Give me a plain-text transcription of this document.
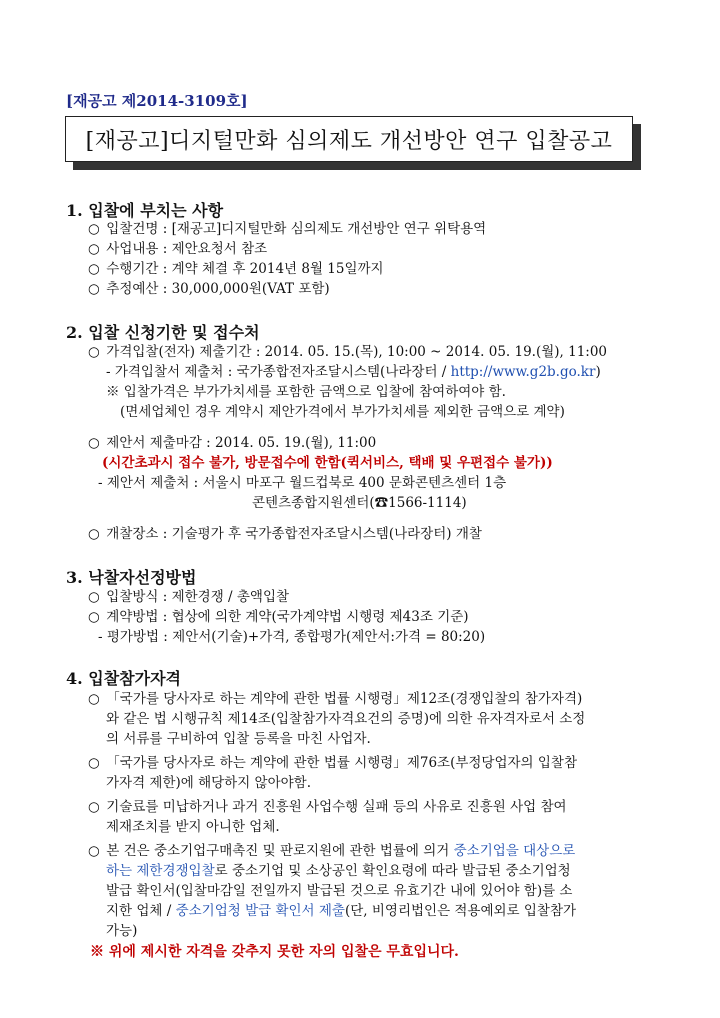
[재공고 제2014-3109호]
[재공고]디지털만화 심의제도 개선방안 연구 입찰공고
1. 입찰에 부치는 사항
○ 입찰건명 : [재공고]디지털만화 심의제도 개선방안 연구 위탁용역
○ 사업내용 : 제안요청서 참조
○ 수행기간 : 계약 체결 후 2014년 8월 15일까지
○ 추정예산 : 30,000,000원(VAT 포함)
2. 입찰 신청기한 및 접수처
○ 가격입찰(전자) 제출기간 : 2014. 05. 15.(목), 10:00 ~ 2014. 05. 19.(월), 11:00
- 가격입찰서 제출처 : 국가종합전자조달시스템(나라장터 / http://www.g2b.go.kr)
※ 입찰가격은 부가가치세를 포함한 금액으로 입찰에 참여하여야 함.
(면세업체인 경우 계약시 제안가격에서 부가가치세를 제외한 금액으로 계약)
○ 제안서 제출마감 : 2014. 05. 19.(월), 11:00
(시간초과시 접수 불가, 방문접수에 한함(퀵서비스, 택배 및 우편접수 불가))
- 제안서 제출처 : 서울시 마포구 월드컵북로 400 문화콘텐츠센터 1층
콘텐츠종합지원센터(☎1566-1114)
○ 개찰장소 : 기술평가 후 국가종합전자조달시스템(나라장터) 개찰
3. 낙찰자선정방법
○ 입찰방식 : 제한경쟁 / 총액입찰
○ 계약방법 : 협상에 의한 계약(국가계약법 시행령 제43조 기준)
- 평가방법 : 제안서(기술)+가격, 종합평가(제안서:가격 = 80:20)
4. 입찰참가자격
○ 「국가를 당사자로 하는 계약에 관한 법률 시행령」제12조(경쟁입찰의 참가자격)
와 같은 법 시행규칙 제14조(입찰참가자격요건의 증명)에 의한 유자격자로서 소정
의 서류를 구비하여 입찰 등록을 마친 사업자.
○ 「국가를 당사자로 하는 계약에 관한 법률 시행령」제76조(부정당업자의 입찰참
가자격 제한)에 해당하지 않아야함.
○ 기술료를 미납하거나 과거 진흥원 사업수행 실패 등의 사유로 진흥원 사업 참여
제재조치를 받지 아니한 업체.
○ 본 건은 중소기업구매촉진 및 판로지원에 관한 법률에 의거 중소기업을 대상으로
하는 제한경쟁입찰로 중소기업 및 소상공인 확인요령에 따라 발급된 중소기업청
발급 확인서(입찰마감일 전일까지 발급된 것으로 유효기간 내에 있어야 함)를 소
지한 업체 / 중소기업청 발급 확인서 제출(단, 비영리법인은 적용예외로 입찰참가
가능)
※ 위에 제시한 자격을 갖추지 못한 자의 입찰은 무효입니다.
